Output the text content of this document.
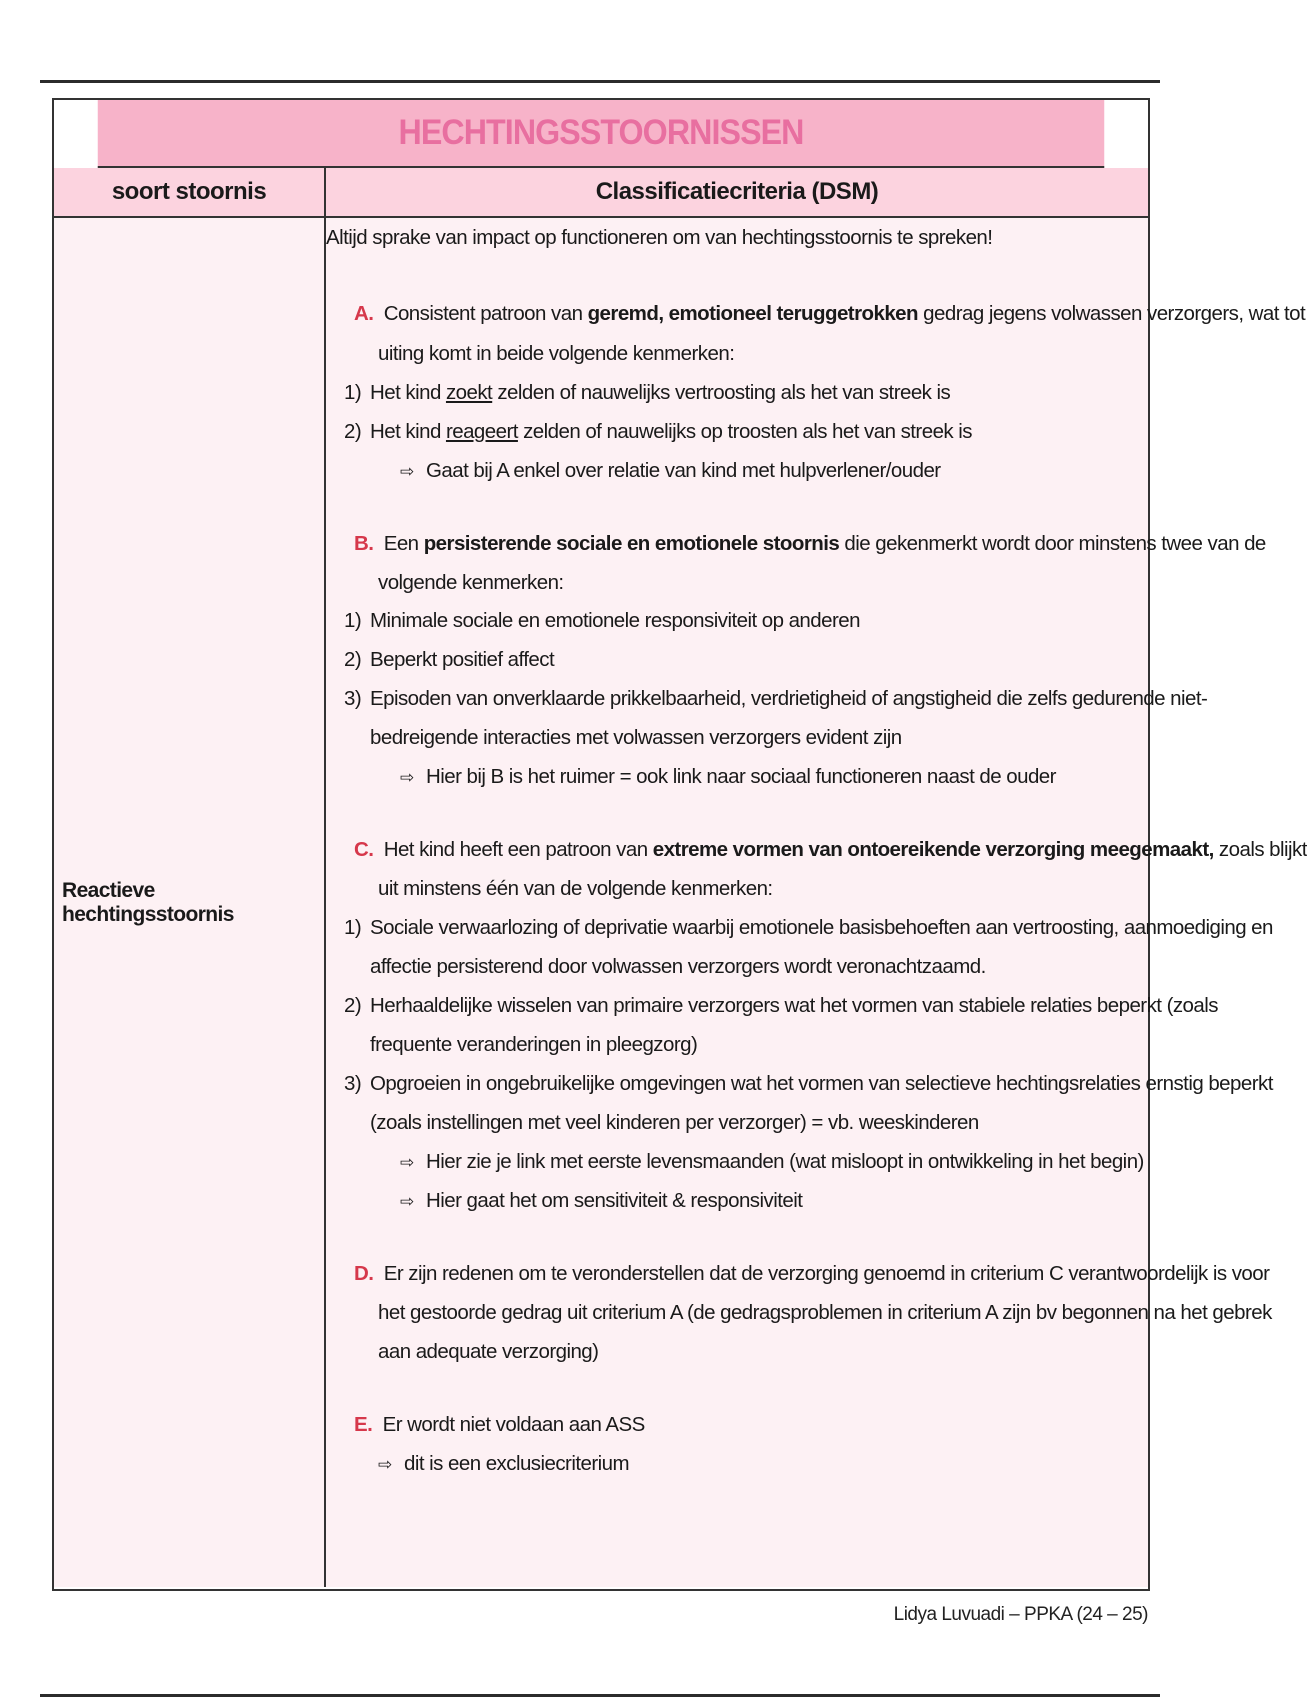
HECHTINGSSTOORNISSEN
soort stoornis	Classificatiecriteria (DSM)
Reactieve hechtingsstoornis
Altijd sprake van impact op functioneren om van hechtingsstoornis te spreken!
A. Consistent patroon van geremd, emotioneel teruggetrokken gedrag jegens volwassen verzorgers, wat tot
uiting komt in beide volgende kenmerken:
1) Het kind zoekt zelden of nauwelijks vertroosting als het van streek is
2) Het kind reageert zelden of nauwelijks op troosten als het van streek is
⇨ Gaat bij A enkel over relatie van kind met hulpverlener/ouder
B. Een persisterende sociale en emotionele stoornis die gekenmerkt wordt door minstens twee van de
volgende kenmerken:
1) Minimale sociale en emotionele responsiviteit op anderen
2) Beperkt positief affect
3) Episoden van onverklaarde prikkelbaarheid, verdrietigheid of angstigheid die zelfs gedurende niet-
bedreigende interacties met volwassen verzorgers evident zijn
⇨ Hier bij B is het ruimer = ook link naar sociaal functioneren naast de ouder
C. Het kind heeft een patroon van extreme vormen van ontoereikende verzorging meegemaakt, zoals blijkt
uit minstens één van de volgende kenmerken:
1) Sociale verwaarlozing of deprivatie waarbij emotionele basisbehoeften aan vertroosting, aanmoediging en
affectie persisterend door volwassen verzorgers wordt veronachtzaamd.
2) Herhaaldelijke wisselen van primaire verzorgers wat het vormen van stabiele relaties beperkt (zoals
frequente veranderingen in pleegzorg)
3) Opgroeien in ongebruikelijke omgevingen wat het vormen van selectieve hechtingsrelaties ernstig beperkt
(zoals instellingen met veel kinderen per verzorger) = vb. weeskinderen
⇨ Hier zie je link met eerste levensmaanden (wat misloopt in ontwikkeling in het begin)
⇨ Hier gaat het om sensitiviteit & responsiviteit
D. Er zijn redenen om te veronderstellen dat de verzorging genoemd in criterium C verantwoordelijk is voor
het gestoorde gedrag uit criterium A (de gedragsproblemen in criterium A zijn bv begonnen na het gebrek
aan adequate verzorging)
E. Er wordt niet voldaan aan ASS
⇨ dit is een exclusiecriterium
Lidya Luvuadi – PPKA (24 – 25)
